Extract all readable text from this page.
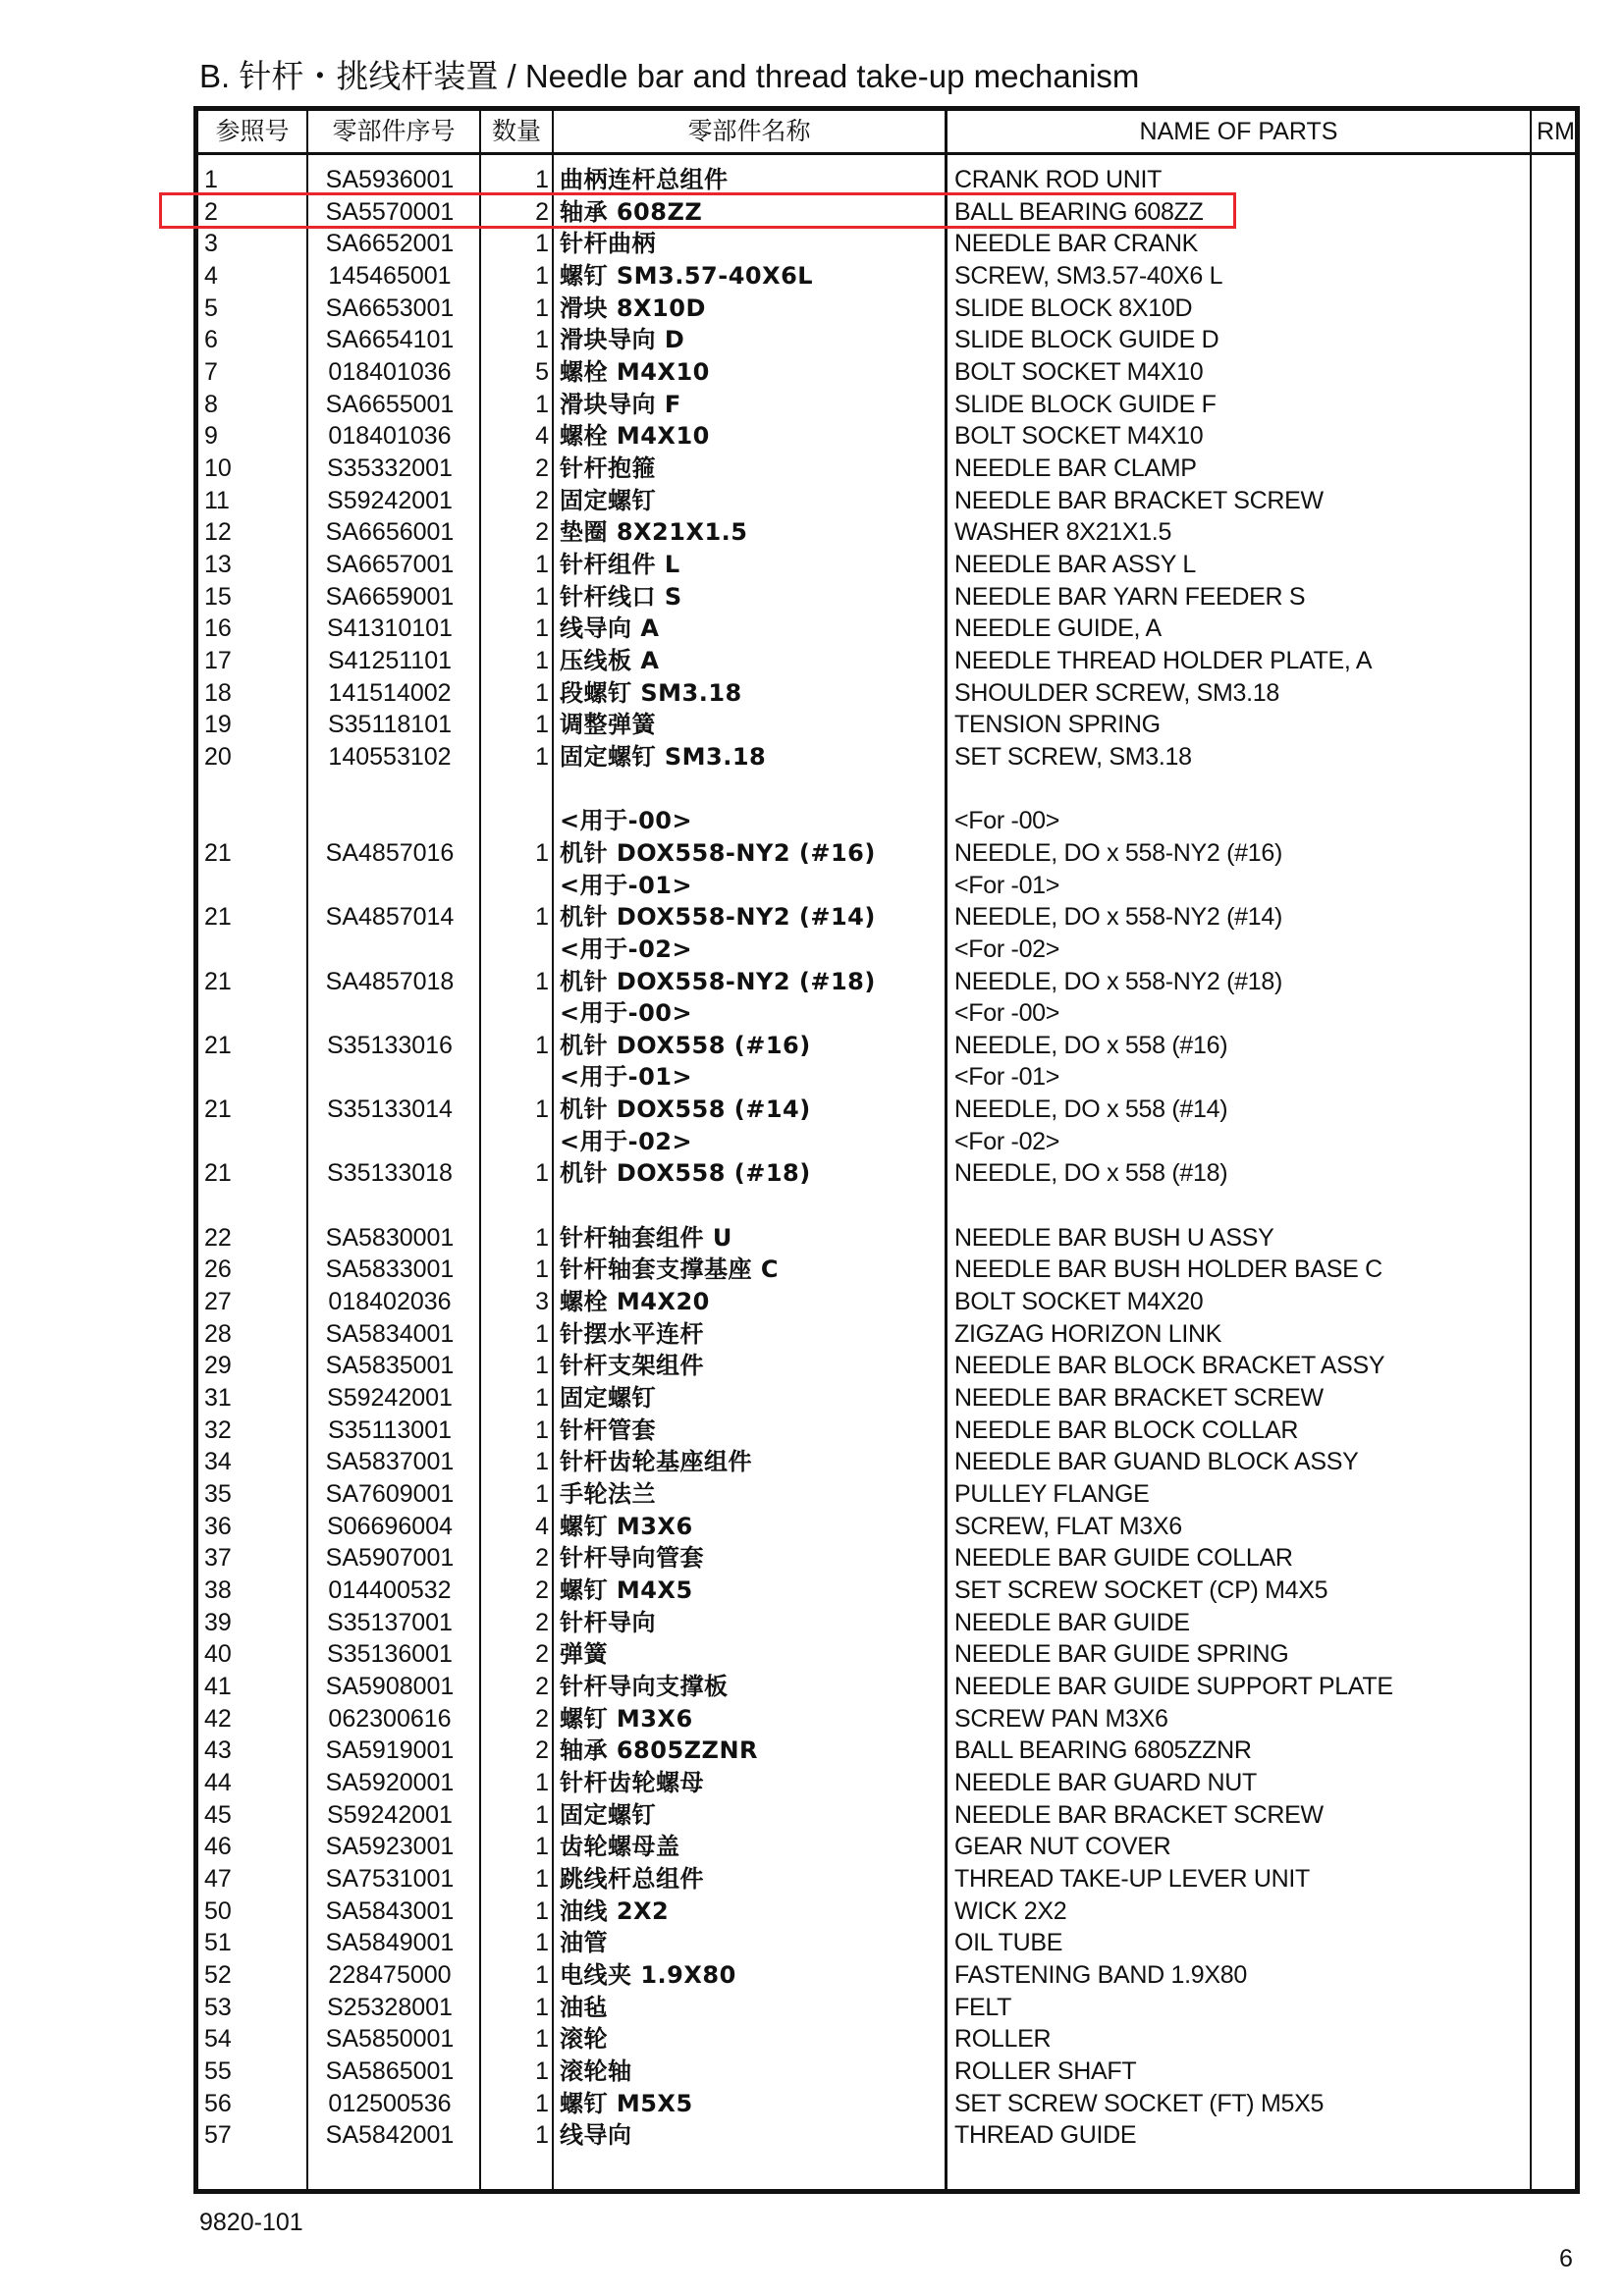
B. 针杆・挑线杆装置 / Needle bar and thread take-up mechanism
参照号	零部件序号	数量	零部件名称	NAME OF PARTS	RM
1	SA5936001	1 曲柄连杆总组件	CRANK ROD UNIT
2	SA5570001	2 轴承 608ZZ	BALL BEARING 608ZZ
3	SA6652001	1 针杆曲柄	NEEDLE BAR CRANK
4	145465001	1 螺钉 SM3.57-40X6L	SCREW, SM3.57-40X6 L
5	SA6653001	1 滑块 8X10D	SLIDE BLOCK 8X10D
6	SA6654101	1 滑块导向 D	SLIDE BLOCK GUIDE D
7	018401036	5 螺栓 M4X10	BOLT SOCKET M4X10
8	SA6655001	1 滑块导向 F	SLIDE BLOCK GUIDE F
9	018401036	4 螺栓 M4X10	BOLT SOCKET M4X10
10	S35332001	2 针杆抱箍	NEEDLE BAR CLAMP
11	S59242001	2 固定螺钉	NEEDLE BAR BRACKET SCREW
12	SA6656001	2 垫圈 8X21X1.5	WASHER 8X21X1.5
13	SA6657001	1 针杆组件 L	NEEDLE BAR ASSY L
15	SA6659001	1 针杆线口 S	NEEDLE BAR YARN FEEDER S
16	S41310101	1 线导向 A	NEEDLE GUIDE, A
17	S41251101	1 压线板 A	NEEDLE THREAD HOLDER PLATE, A
18	141514002	1 段螺钉 SM3.18	SHOULDER SCREW, SM3.18
19	S35118101	1 调整弹簧	TENSION SPRING
20	140553102	1 固定螺钉 SM3.18	SET SCREW, SM3.18
<用于-00>	<For -00>
21	SA4857016	1 机针 DOX558-NY2 (#16)	NEEDLE, DO x 558-NY2 (#16)
<用于-01>	<For -01>
21	SA4857014	1 机针 DOX558-NY2 (#14)	NEEDLE, DO x 558-NY2 (#14)
<用于-02>	<For -02>
21	SA4857018	1 机针 DOX558-NY2 (#18)	NEEDLE, DO x 558-NY2 (#18)
<用于-00>	<For -00>
21	S35133016	1 机针 DOX558 (#16)	NEEDLE, DO x 558 (#16)
<用于-01>	<For -01>
21	S35133014	1 机针 DOX558 (#14)	NEEDLE, DO x 558 (#14)
<用于-02>	<For -02>
21	S35133018	1 机针 DOX558 (#18)	NEEDLE, DO x 558 (#18)
22	SA5830001	1 针杆轴套组件 U	NEEDLE BAR BUSH U ASSY
26	SA5833001	1 针杆轴套支撑基座 C	NEEDLE BAR BUSH HOLDER BASE C
27	018402036	3 螺栓 M4X20	BOLT SOCKET M4X20
28	SA5834001	1 针摆水平连杆	ZIGZAG HORIZON LINK
29	SA5835001	1 针杆支架组件	NEEDLE BAR BLOCK BRACKET ASSY
31	S59242001	1 固定螺钉	NEEDLE BAR BRACKET SCREW
32	S35113001	1 针杆管套	NEEDLE BAR BLOCK COLLAR
34	SA5837001	1 针杆齿轮基座组件	NEEDLE BAR GUAND BLOCK ASSY
35	SA7609001	1 手轮法兰	PULLEY FLANGE
36	S06696004	4 螺钉 M3X6	SCREW, FLAT M3X6
37	SA5907001	2 针杆导向管套	NEEDLE BAR GUIDE COLLAR
38	014400532	2 螺钉 M4X5	SET SCREW SOCKET (CP) M4X5
39	S35137001	2 针杆导向	NEEDLE BAR GUIDE
40	S35136001	2 弹簧	NEEDLE BAR GUIDE SPRING
41	SA5908001	2 针杆导向支撑板	NEEDLE BAR GUIDE SUPPORT PLATE
42	062300616	2 螺钉 M3X6	SCREW PAN M3X6
43	SA5919001	2 轴承 6805ZZNR	BALL BEARING 6805ZZNR
44	SA5920001	1 针杆齿轮螺母	NEEDLE BAR GUARD NUT
45	S59242001	1 固定螺钉	NEEDLE BAR BRACKET SCREW
46	SA5923001	1 齿轮螺母盖	GEAR NUT COVER
47	SA7531001	1 跳线杆总组件	THREAD TAKE-UP LEVER UNIT
50	SA5843001	1 油线 2X2	WICK 2X2
51	SA5849001	1 油管	OIL TUBE
52	228475000	1 电线夹 1.9X80	FASTENING BAND 1.9X80
53	S25328001	1 油毡	FELT
54	SA5850001	1 滚轮	ROLLER
55	SA5865001	1 滚轮轴	ROLLER SHAFT
56	012500536	1 螺钉 M5X5	SET SCREW SOCKET (FT) M5X5
57	SA5842001	1 线导向	THREAD GUIDE
9820-101
6
